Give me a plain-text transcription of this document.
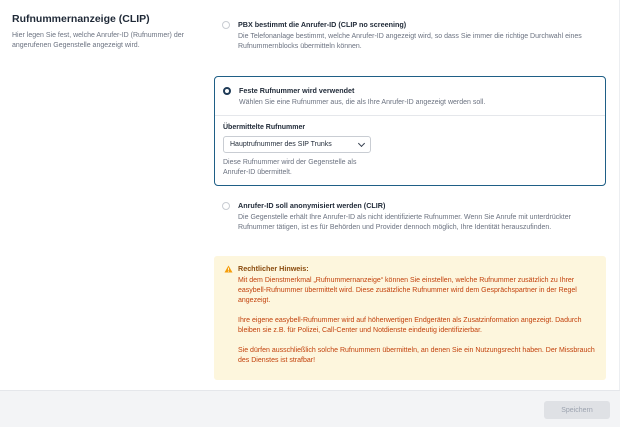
Rufnummernanzeige (CLIP)
Hier legen Sie fest, welche Anrufer-ID (Rufnummer) der angerufenen Gegenstelle angezeigt wird.
PBX bestimmt die Anrufer-ID (CLIP no screening)
Die Telefonanlage bestimmt, welche Anrufer-ID angezeigt wird, so dass Sie immer die richtige Durchwahl eines Rufnummernblocks übermitteln können.
Feste Rufnummer wird verwendet
Wählen Sie eine Rufnummer aus, die als Ihre Anrufer-ID angezeigt werden soll.
Übermittelte Rufnummer
Hauptrufnummer des SIP Trunks
Diese Rufnummer wird der Gegenstelle als Anrufer-ID übermittelt.
Anrufer-ID soll anonymisiert werden (CLIR)
Die Gegenstelle erhält Ihre Anrufer-ID als nicht identifizierte Rufnummer. Wenn Sie Anrufe mit unterdrückter Rufnummer tätigen, ist es für Behörden und Provider dennoch möglich, Ihre Identität herauszufinden.
Rechtlicher Hinweis:

Mit dem Dienstmerkmal „Rufnummernanzeige“ können Sie einstellen, welche Rufnummer zusätzlich zu Ihrer easybell-Rufnummer übermittelt wird. Diese zusätzliche Rufnummer wird dem Gesprächspartner in der Regel angezeigt.

Ihre eigene easybell-Rufnummer wird auf höherwertigen Endgeräten als Zusatzinformation angezeigt. Dadurch bleiben sie z.B. für Polizei, Call-Center und Notdienste eindeutig identifizierbar.

Sie dürfen ausschließlich solche Rufnummern übermitteln, an denen Sie ein Nutzungsrecht haben. Der Missbrauch des Dienstes ist strafbar!

Speichern
